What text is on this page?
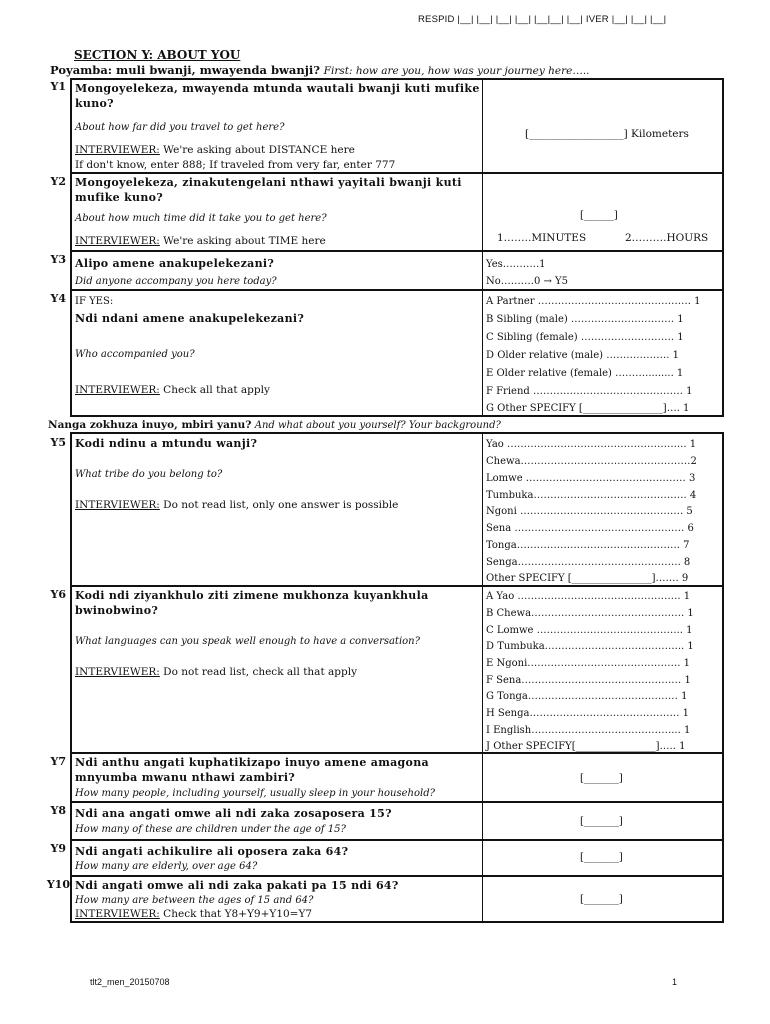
RESPID |__| |__| |__| |__| |__|__| |__| IVER |__| |__| |__|
SECTION Y: ABOUT YOU
Poyamba: muli bwanji, mwayenda bwanji? First: how are you, how was your journey here…..
Y1 Mongoyelekeza, mwayenda mtunda wautali bwanji kuti mufike kuno?
About how far did you travel to get here?
INTERVIEWER: We're asking about DISTANCE here
If don't know, enter 888; If traveled from very far, enter 777
[__________________] Kilometers
Y2 Mongoyelekeza, zinakutengelani nthawi yayitali bwanji kuti mufike kuno?
About how much time did it take you to get here?
INTERVIEWER: We're asking about TIME here
[______]
1……..MINUTES	2……….HOURS
Y3 Alipo amene anakupelekezani?
Did anyone accompany you here today?
Yes………..1
No……….0 → Y5
Y4 IF YES:
Ndi ndani amene anakupelekezani?
Who accompanied you?
INTERVIEWER: Check all that apply
A Partner ………………………………………. 1
B Sibling (male) …………………………. 1
C Sibling (female) ………………………. 1
D Older relative (male) ………………. 1
E Older relative (female) ………......... 1
F Friend ……………………………………… 1
G Other SPECIFY [________________]…. 1
Nanga zokhuza inuyo, mbiri yanu? And what about you yourself? Your background?
Y5 Kodi ndinu a mtundu wanji?
What tribe do you belong to?
INTERVIEWER: Do not read list, only one answer is possible
Yao ……………………………………………... 1
Chewa……………………………………………2
Lomwe ………………………………………… 3
Tumbuka………………………………………. 4
Ngoni …………………………………………. 5
Sena …………………………………………… 6
Tonga…………………………………………. 7
Senga…………………………………………. 8
Other SPECIFY [________________]……. 9
Y6 Kodi ndi ziyankhulo ziti zimene mukhonza kuyankhula bwinobwino?
What languages can you speak well enough to have a conversation?
INTERVIEWER: Do not read list, check all that apply
A Yao …………………………………………. 1
B Chewa………………………………………. 1
C Lomwe …………………………………….. 1
D Tumbuka…………………………………... 1
E Ngoni………………………………………. 1
F Sena………………………………………… 1
G Tonga……………………………………… 1
H Senga……………………………………… 1
I English……………………………………... 1
J Other SPECIFY[________________]….. 1
Y7 Ndi anthu angati kuphatikizapo inuyo amene amagona mnyumba mwanu nthawi zambiri?
How many people, including yourself, usually sleep in your household?
[_______]
Y8 Ndi ana angati omwe ali ndi zaka zosaposera 15?
How many of these are children under the age of 15?
[_______]
Y9 Ndi angati achikulire ali oposera zaka 64?
How many are elderly, over age 64?
[_______]
Y10 Ndi angati omwe ali ndi zaka pakati pa 15 ndi 64?
How many are between the ages of 15 and 64?
INTERVIEWER: Check that Y8+Y9+Y10=Y7
[_______]
tlt2_men_20150708	1
